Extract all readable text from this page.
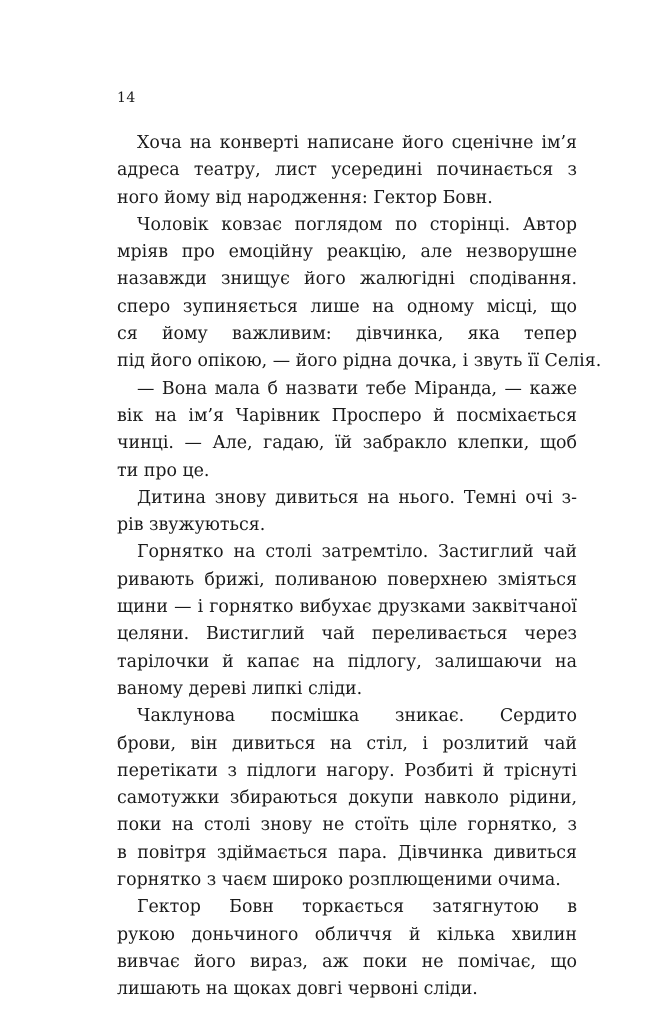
14
Хоча на конверті написане його сценічне ім’я
адреса театру, лист усередині починається з
ного йому від народження: Гектор Бовн.
Чоловік ковзає поглядом по сторінці. Автор
мріяв про емоційну реакцію, але незворушне
назавжди знищує його жалюгідні сподівання.
сперо зупиняється лише на одному місці, що
ся йому важливим: дівчинка, яка тепер
під його опікою, — його рідна дочка, і звуть її Селія.
— Вона мала б назвати тебе Міранда, — каже
вік на ім’я Чарівник Просперо й посміхається
чинці. — Але, гадаю, їй забракло клепки, щоб
ти про це.
Дитина знову дивиться на нього. Темні очі з-
рів звужуються.
Горнятко на столі затремтіло. Застиглий чай
ривають брижі, поливаною поверхнею зміяться
щини — і горнятко вибухає друзками заквітчаної
целяни. Вистиглий чай переливається через
тарілочки й капає на підлогу, залишаючи на
ваному дереві липкі сліди.
Чаклунова посмішка зникає. Сердито
брови, він дивиться на стіл, і розлитий чай
перетікати з підлоги нагору. Розбиті й тріснуті
самотужки збираються докупи навколо рідини,
поки на столі знову не стоїть ціле горнятко, з
в повітря здіймається пара. Дівчинка дивиться
горнятко з чаєм широко розплющеними очима.
Гектор Бовн торкається затягнутою в
рукою доньчиного обличчя й кілька хвилин
вивчає його вираз, аж поки не помічає, що
лишають на щоках довгі червоні сліди.
